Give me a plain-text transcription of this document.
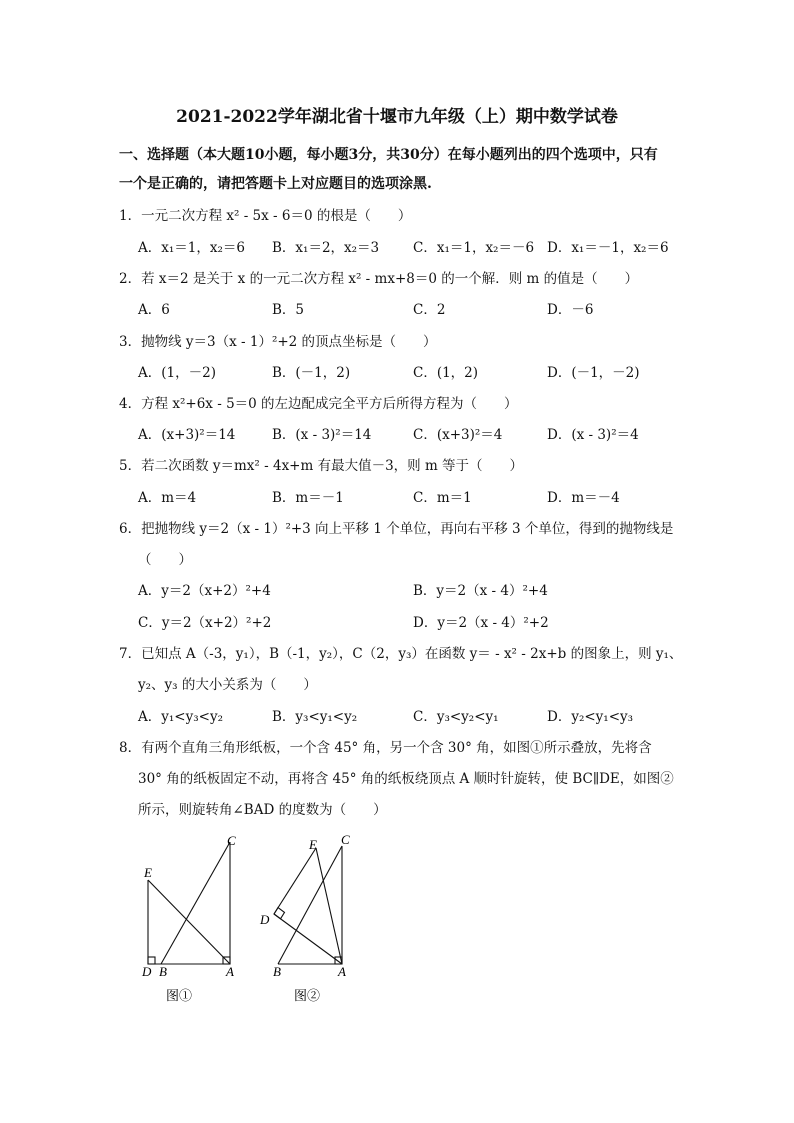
2021-2022学年湖北省十堰市九年级（上）期中数学试卷
一、选择题（本大题10小题，每小题3分，共30分）在每小题列出的四个选项中，只有
一个是正确的，请把答题卡上对应题目的选项涂黑.
1．一元二次方程 x² - 5x - 6＝0 的根是（　　）
A．x₁＝1，x₂＝6 B．x₁＝2，x₂＝3	C．x₁＝1，x₂＝－6 D．x₁＝－1，x₂＝6
2．若 x＝2 是关于 x 的一元二次方程 x² - mx+8＝0 的一个解．则 m 的值是（　　）
A．6	B．5	C．2	D．－6
3．抛物线 y＝3（x - 1）²+2 的顶点坐标是（　　）
A．(1，－2)	B．(－1，2)	C．(1，2)	D．(－1，－2)
4．方程 x²+6x - 5＝0 的左边配成完全平方后所得方程为（　　）
A．(x+3)²＝14	B．(x - 3)²＝14	C．(x+3)²＝4	D．(x - 3)²＝4
5．若二次函数 y＝mx² - 4x+m 有最大值－3，则 m 等于（　　）
A．m＝4	B．m＝－1	C．m＝1	D．m＝－4
6．把抛物线 y＝2（x - 1）²+3 向上平移 1 个单位，再向右平移 3 个单位，得到的抛物线是
（　　）
A．y＝2（x+2）²+4	B．y＝2（x - 4）²+4
C．y＝2（x+2）²+2	D．y＝2（x - 4）²+2
7．已知点 A（-3，y₁），B（-1，y₂），C（2，y₃）在函数 y＝ - x² - 2x+b 的图象上，则 y₁、
y₂、y₃ 的大小关系为（　　）
A．y₁<y₃<y₂	B．y₃<y₁<y₂	C．y₃<y₂<y₁	D．y₂<y₁<y₃
8．有两个直角三角形纸板，一个含 45° 角，另一个含 30° 角，如图①所示叠放，先将含
30° 角的纸板固定不动，再将含 45° 角的纸板绕顶点 A 顺时针旋转，使 BC∥DE，如图②
所示，则旋转角∠BAD 的度数为（　　）
C
E
D B	A
图①
E C
D
B	A
图②
